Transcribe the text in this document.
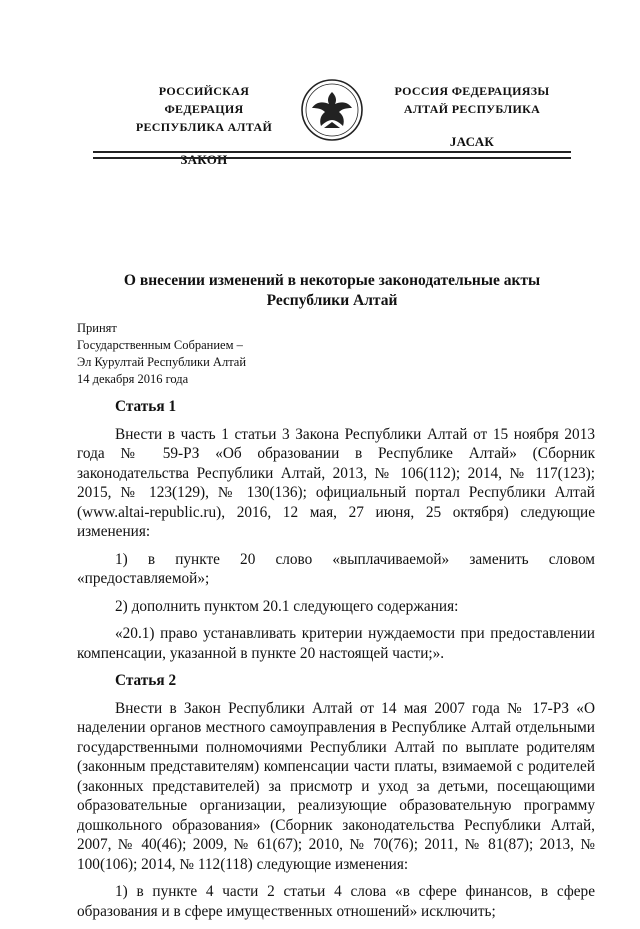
РОССИЙСКАЯ ФЕДЕРАЦИЯ
РЕСПУБЛИКА АЛТАЙ
ЗАКОН
РОССИЯ ФЕДЕРАЦИЯЗЫ
АЛТАЙ РЕСПУБЛИКА
ЈАСАК
О внесении изменений в некоторые законодательные акты
Республики Алтай
Принят
Государственным Собранием –
Эл Курултай Республики Алтай
14 декабря 2016 года
Статья 1

Внести в часть 1 статьи 3 Закона Республики Алтай от 15 ноября 2013 года № 59-РЗ «Об образовании в Республике Алтай» (Сборник законодательства Республики Алтай, 2013, № 106(112); 2014, № 117(123); 2015, № 123(129), № 130(136); официальный портал Республики Алтай (www.altai-republic.ru), 2016, 12 мая, 27 июня, 25 октября) следующие изменения:

1) в пункте 20 слово «выплачиваемой» заменить словом «предоставляемой»;

2) дополнить пунктом 20.1 следующего содержания:

«20.1) право устанавливать критерии нуждаемости при предоставлении компенсации, указанной в пункте 20 настоящей части;».

Статья 2

Внести в Закон Республики Алтай от 14 мая 2007 года № 17-РЗ «О наделении органов местного самоуправления в Республике Алтай отдельными государственными полномочиями Республики Алтай по выплате родителям (законным представителям) компенсации части платы, взимаемой с родителей (законных представителей) за присмотр и уход за детьми, посещающими образовательные организации, реализующие образовательную программу дошкольного образования» (Сборник законодательства Республики Алтай, 2007, № 40(46); 2009, № 61(67); 2010, № 70(76); 2011, № 81(87); 2013, № 100(106); 2014, № 112(118) следующие изменения:

1) в пункте 4 части 2 статьи 4 слова «в сфере финансов, в сфере образования и в сфере имущественных отношений» исключить;
